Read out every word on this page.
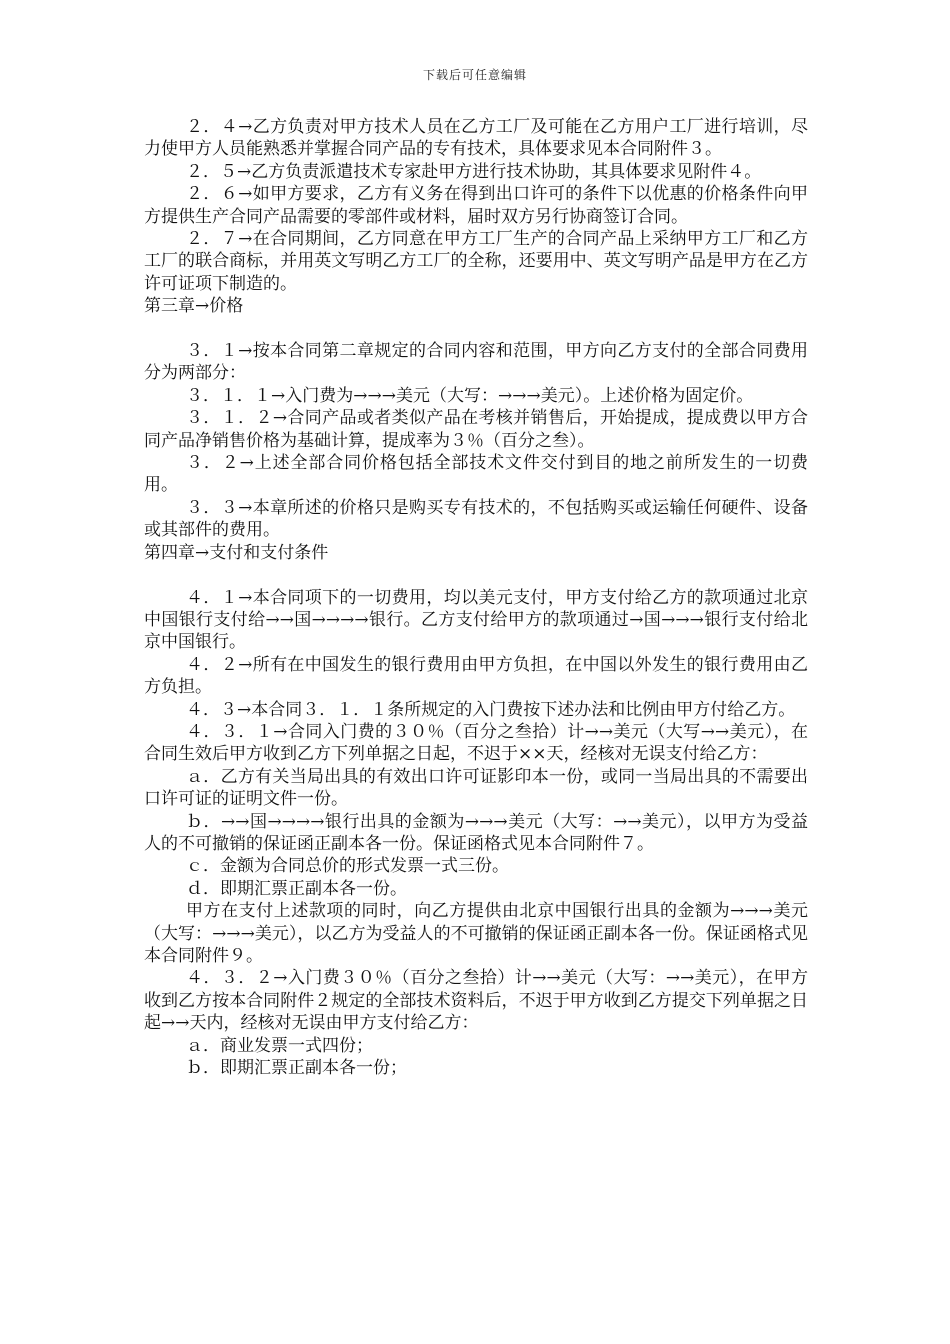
下载后可任意编辑

２．４→乙方负责对甲方技术人员在乙方工厂及可能在乙方用户工厂进行培训，尽力使甲方人员能熟悉并掌握合同产品的专有技术，具体要求见本合同附件３。

２．５→乙方负责派遣技术专家赴甲方进行技术协助，其具体要求见附件４。

２．６→如甲方要求，乙方有义务在得到出口许可的条件下以优惠的价格条件向甲方提供生产合同产品需要的零部件或材料，届时双方另行协商签订合同。

２．７→在合同期间，乙方同意在甲方工厂生产的合同产品上采纳甲方工厂和乙方工厂的联合商标，并用英文写明乙方工厂的全称，还要用中、英文写明产品是甲方在乙方许可证项下制造的。

第三章→价格

３．１→按本合同第二章规定的合同内容和范围，甲方向乙方支付的全部合同费用分为两部分：

３．１．１→入门费为→→→美元（大写：→→→美元）。上述价格为固定价。

３．１．２→合同产品或者类似产品在考核并销售后，开始提成，提成费以甲方合同产品净销售价格为基础计算，提成率为３％（百分之叁）。

３．２→上述全部合同价格包括全部技术文件交付到目的地之前所发生的一切费用。

３．３→本章所述的价格只是购买专有技术的，不包括购买或运输任何硬件、设备或其部件的费用。

第四章→支付和支付条件

４．１→本合同项下的一切费用，均以美元支付，甲方支付给乙方的款项通过北京中国银行支付给→→国→→→→银行。乙方支付给甲方的款项通过→国→→→银行支付给北京中国银行。

４．２→所有在中国发生的银行费用由甲方负担，在中国以外发生的银行费用由乙方负担。

４．３→本合同３．１．１条所规定的入门费按下述办法和比例由甲方付给乙方。

４．３．１→合同入门费的３０％（百分之叁拾）计→→美元（大写→→美元），在合同生效后甲方收到乙方下列单据之日起，不迟于××天，经核对无误支付给乙方：

ａ．乙方有关当局出具的有效出口许可证影印本一份，或同一当局出具的不需要出口许可证的证明文件一份。

ｂ．→→国→→→→银行出具的金额为→→→美元（大写：→→美元），以甲方为受益人的不可撤销的保证函正副本各一份。保证函格式见本合同附件７。

ｃ．金额为合同总价的形式发票一式三份。

ｄ．即期汇票正副本各一份。

甲方在支付上述款项的同时，向乙方提供由北京中国银行出具的金额为→→→美元（大写：→→→美元），以乙方为受益人的不可撤销的保证函正副本各一份。保证函格式见本合同附件９。

４．３．２→入门费３０％（百分之叁拾）计→→美元（大写：→→美元），在甲方收到乙方按本合同附件２规定的全部技术资料后，不迟于甲方收到乙方提交下列单据之日起→→天内，经核对无误由甲方支付给乙方：

ａ．商业发票一式四份；

ｂ．即期汇票正副本各一份；
